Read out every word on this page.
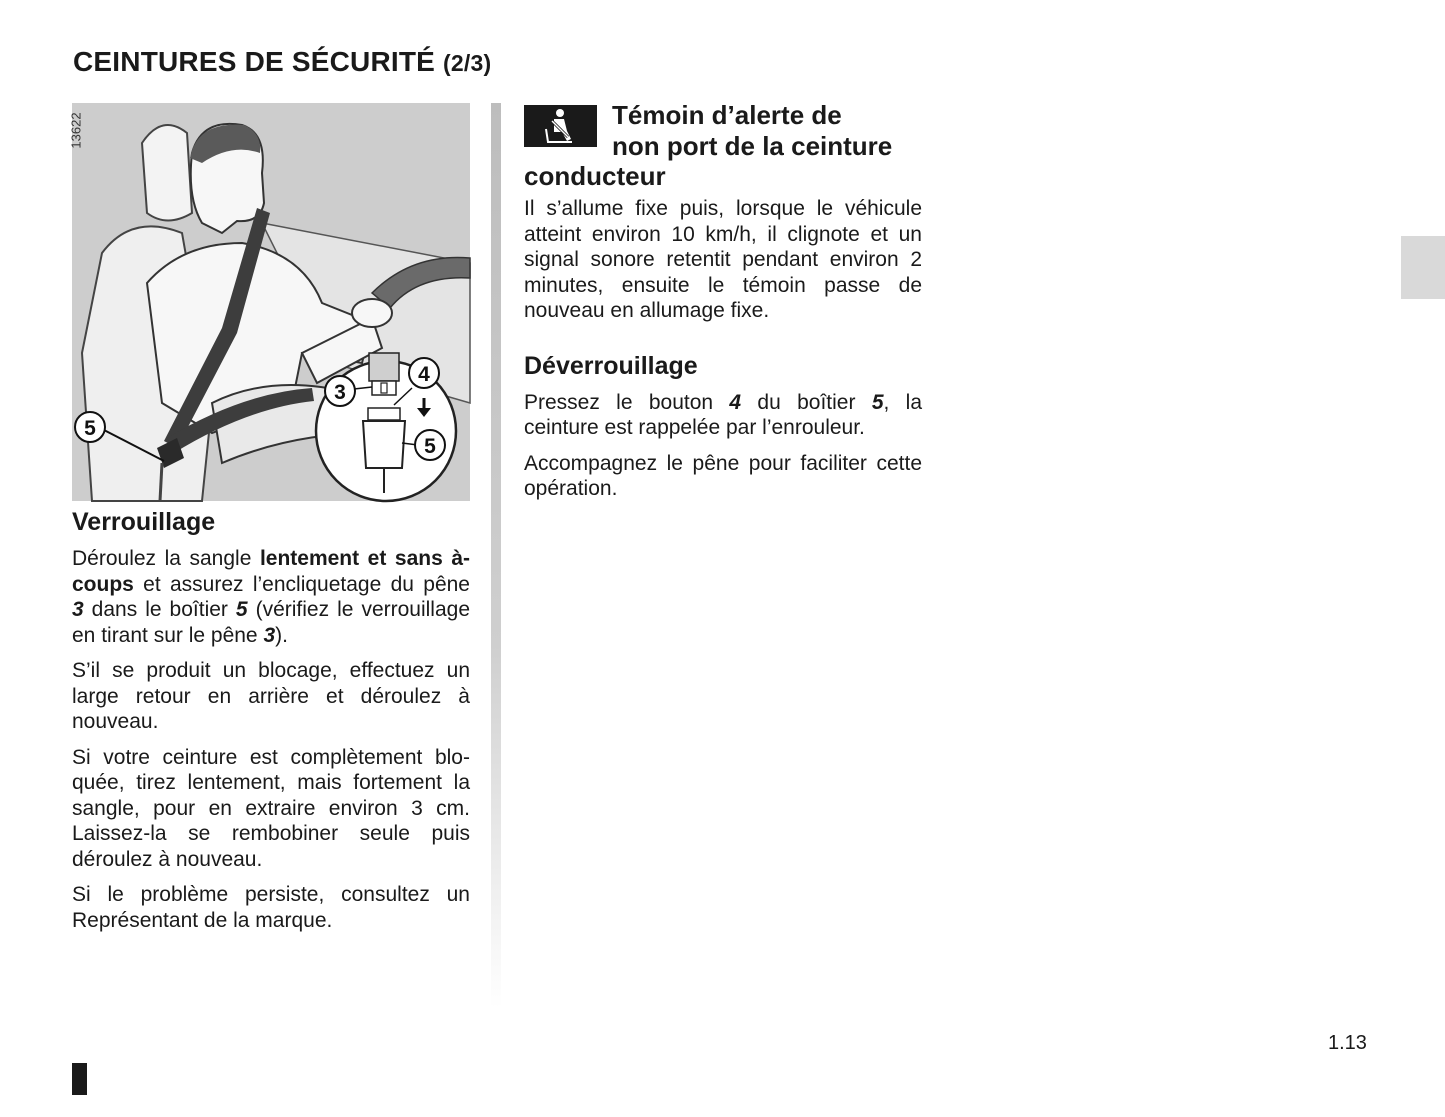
CEINTURES DE SÉCURITÉ (2/3)
3
4
5
5
13622
Verrouillage

Déroulez la sangle lentement et sans à-coups et assurez l’encliquetage du pêne 3 dans le boîtier 5 (vérifiez le verrouillage en tirant sur le pêne 3).

S’il se produit un blocage, effectuez un large retour en arrière et déroulez à nouveau.

Si votre ceinture est complètement bloquée, tirez lentement, mais fortement la sangle, pour en extraire environ 3 cm. Laissez-la se rembobiner seule puis déroulez à nouveau.

Si le problème persiste, consultez un Représentant de la marque.

Témoin d’alerte de
non port de la ceinture
conducteur

Il s’allume fixe puis, lorsque le véhicule atteint environ 10 km/h, il clignote et un signal sonore retentit pendant environ 2 minutes, ensuite le témoin passe de nouveau en allumage fixe.

Déverrouillage

Pressez le bouton 4 du boîtier 5, la ceinture est rappelée par l’enrouleur.

Accompagnez le pêne pour faciliter cette opération.

1.13
